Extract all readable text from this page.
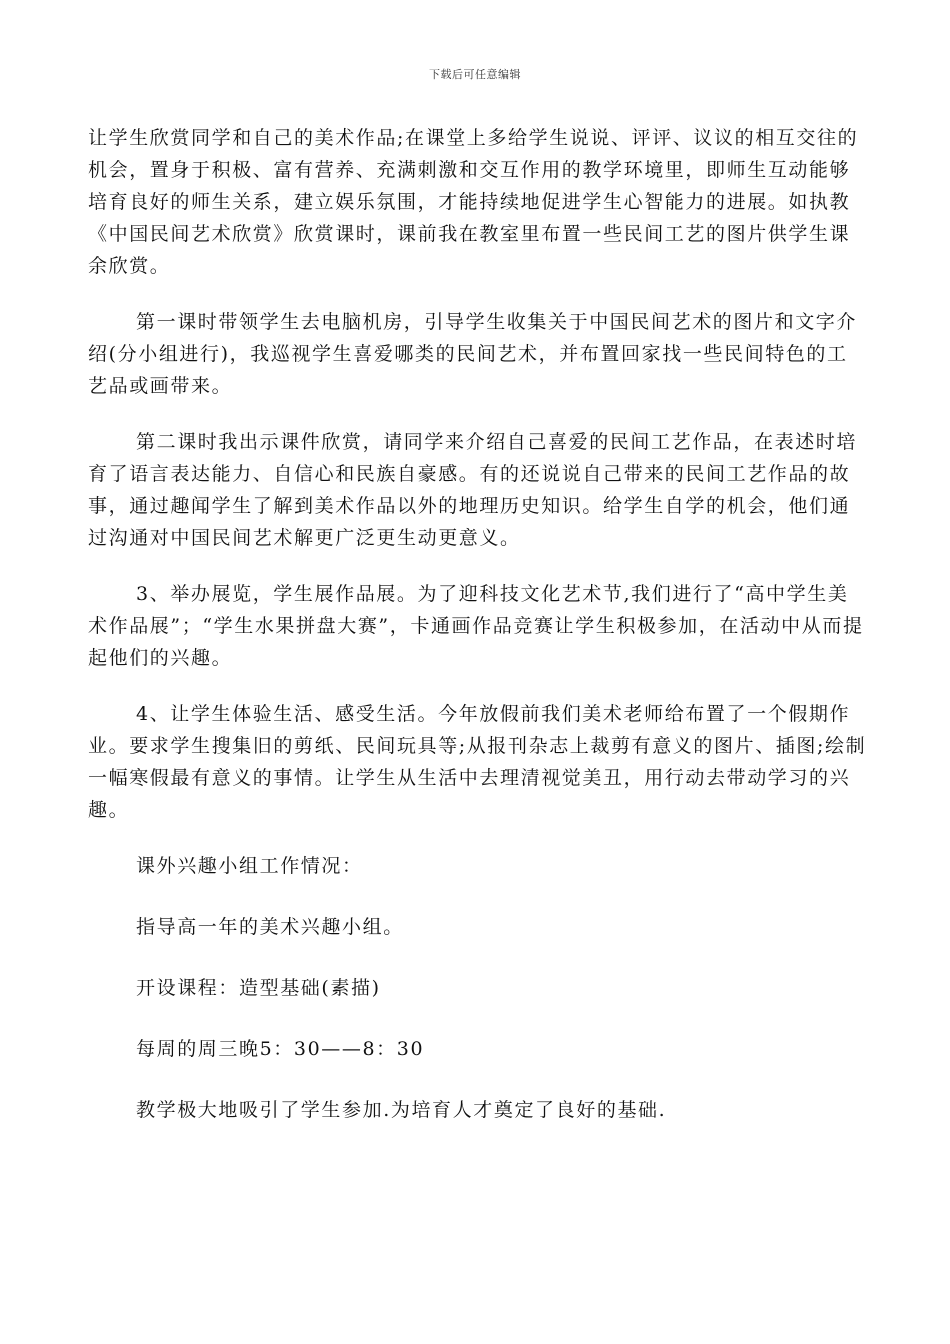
下载后可任意编辑

让学生欣赏同学和自己的美术作品;在课堂上多给学生说说、评评、议议的相互交往的机会，置身于积极、富有营养、充满刺激和交互作用的教学环境里，即师生互动能够培育良好的师生关系，建立娱乐氛围，才能持续地促进学生心智能力的进展。如执教《中国民间艺术欣赏》欣赏课时，课前我在教室里布置一些民间工艺的图片供学生课余欣赏。

第一课时带领学生去电脑机房，引导学生收集关于中国民间艺术的图片和文字介绍(分小组进行)，我巡视学生喜爱哪类的民间艺术，并布置回家找一些民间特色的工艺品或画带来。

第二课时我出示课件欣赏，请同学来介绍自己喜爱的民间工艺作品，在表述时培育了语言表达能力、自信心和民族自豪感。有的还说说自己带来的民间工艺作品的故事，通过趣闻学生了解到美术作品以外的地理历史知识。给学生自学的机会，他们通过沟通对中国民间艺术解更广泛更生动更意义。

3、举办展览，学生展作品展。为了迎科技文化艺术节,我们进行了“高中学生美术作品展”；“学生水果拼盘大赛”，卡通画作品竞赛让学生积极参加，在活动中从而提起他们的兴趣。

4、让学生体验生活、感受生活。今年放假前我们美术老师给布置了一个假期作业。要求学生搜集旧的剪纸、民间玩具等;从报刊杂志上裁剪有意义的图片、插图;绘制一幅寒假最有意义的事情。让学生从生活中去理清视觉美丑，用行动去带动学习的兴趣。

课外兴趣小组工作情况：

指导高一年的美术兴趣小组。

开设课程：造型基础(素描)

每周的周三晚5：30——8：30

教学极大地吸引了学生参加.为培育人才奠定了良好的基础.
